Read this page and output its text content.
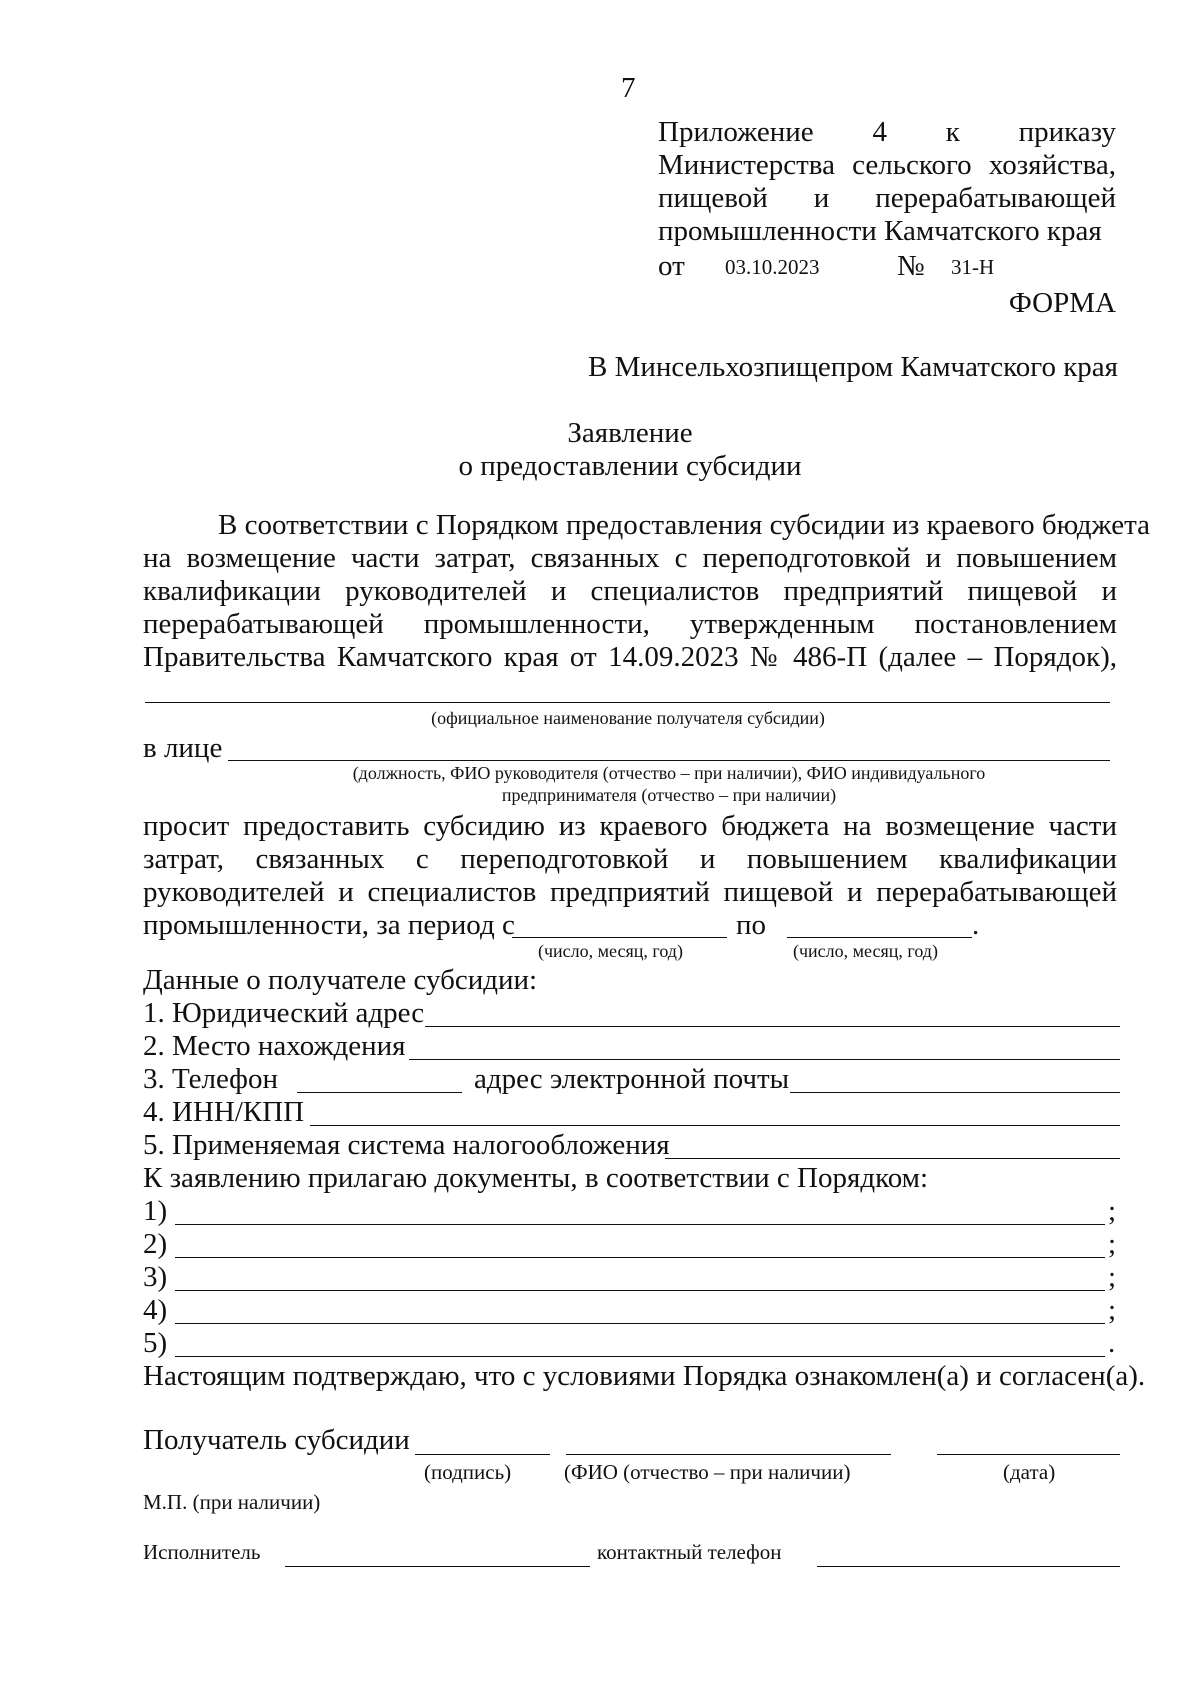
7
Приложение 4 к приказу
Министерства сельского хозяйства,
пищевой и перерабатывающей
промышленности Камчатского края
от 03.10.2023	№ 31-Н
ФОРМА
В Минсельхозпищепром Камчатского края
Заявление
о предоставлении субсидии
В соответствии с Порядком предоставления субсидии из краевого бюджета
на возмещение части затрат, связанных с переподготовкой и повышением
квалификации руководителей и специалистов предприятий пищевой и
перерабатывающей промышленности, утвержденным постановлением
Правительства Камчатского края от 14.09.2023 № 486-П (далее – Порядок),
(официальное наименование получателя субсидии)
в лице
(должность, ФИО руководителя (отчество – при наличии), ФИО индивидуального
предпринимателя (отчество – при наличии)
просит предоставить субсидию из краевого бюджета на возмещение части
затрат, связанных с переподготовкой и повышением квалификации
руководителей и специалистов предприятий пищевой и перерабатывающей
промышленности, за период с	по	.
(число, месяц, год)	(число, месяц, год)
Данные о получателе субсидии:
1. Юридический адрес
2. Место нахождения
3. Телефон	адрес электронной почты
4. ИНН/КПП
5. Применяемая система налогообложения
К заявлению прилагаю документы, в соответствии с Порядком:
1)	;
2)	;
3)	;
4)	;
5)	.
Настоящим подтверждаю, что с условиями Порядка ознакомлен(а) и согласен(а).
Получатель субсидии
(подпись)	(ФИО (отчество – при наличии)	(дата)
М.П. (при наличии)
Исполнитель	контактный телефон
